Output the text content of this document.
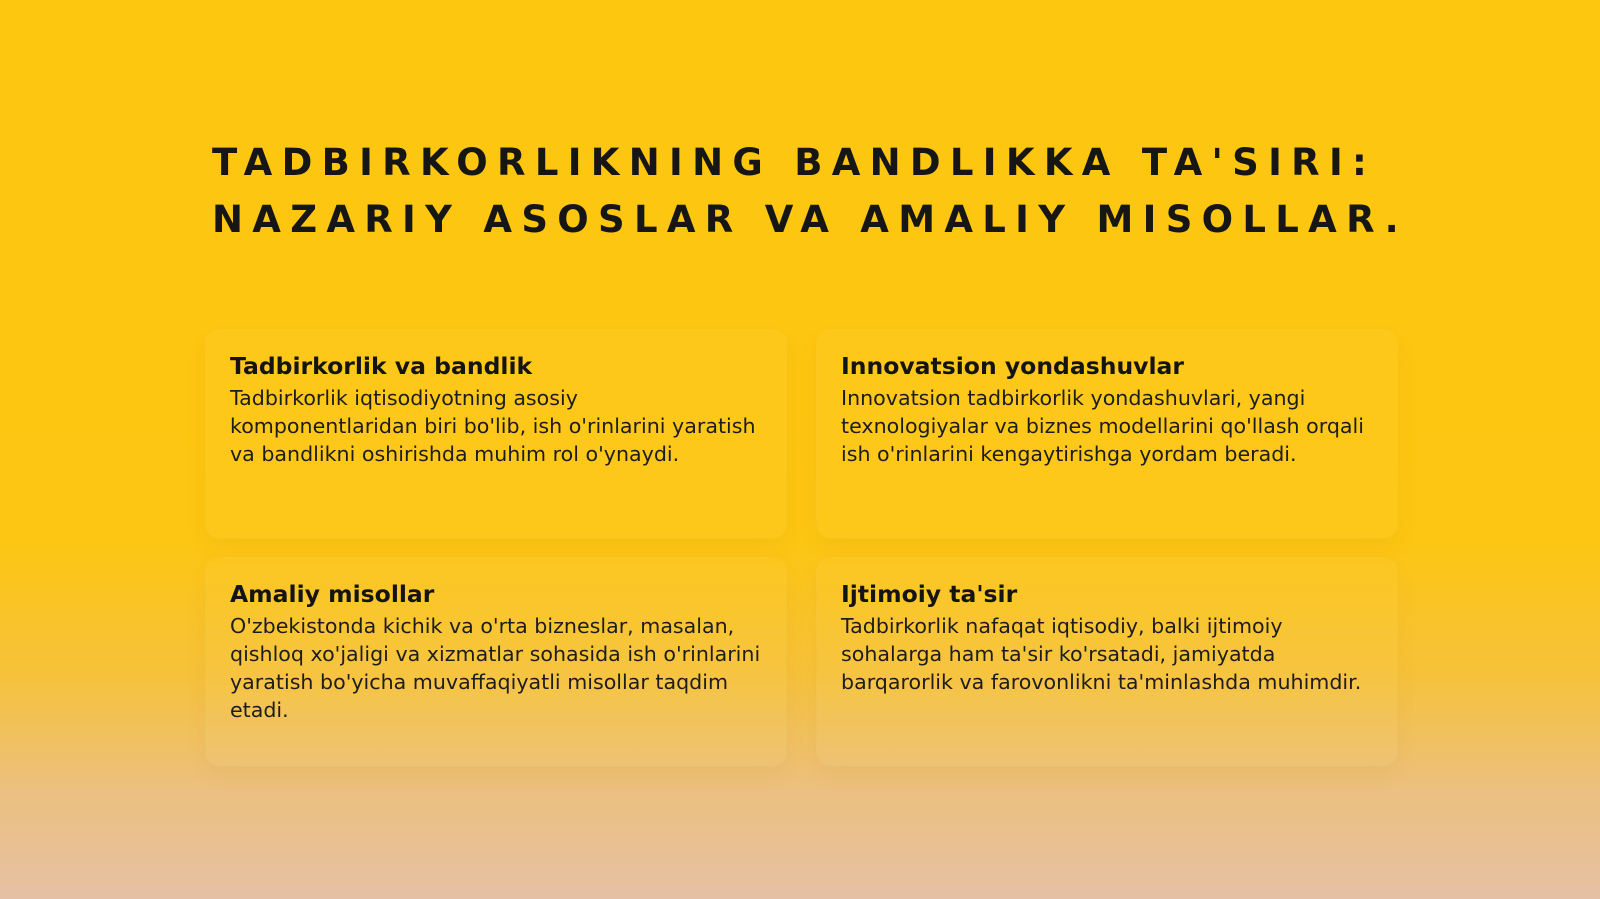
TADBIRKORLIKNING BANDLIKKA TA'SIRI:
NAZARIY ASOSLAR VA AMALIY MISOLLAR.
Tadbirkorlik va bandlik

Tadbirkorlik iqtisodiyotning asosiy komponentlaridan biri bo'lib, ish o'rinlarini yaratish va bandlikni oshirishda muhim rol o'ynaydi.

Innovatsion yondashuvlar

Innovatsion tadbirkorlik yondashuvlari, yangi texnologiyalar va biznes modellarini qo'llash orqali ish o'rinlarini kengaytirishga yordam beradi.

Amaliy misollar

O'zbekistonda kichik va o'rta bizneslar, masalan, qishloq xo'jaligi va xizmatlar sohasida ish o'rinlarini yaratish bo'yicha muvaffaqiyatli misollar taqdim etadi.

Ijtimoiy ta'sir

Tadbirkorlik nafaqat iqtisodiy, balki ijtimoiy sohalarga ham ta'sir ko'rsatadi, jamiyatda barqarorlik va farovonlikni ta'minlashda muhimdir.
